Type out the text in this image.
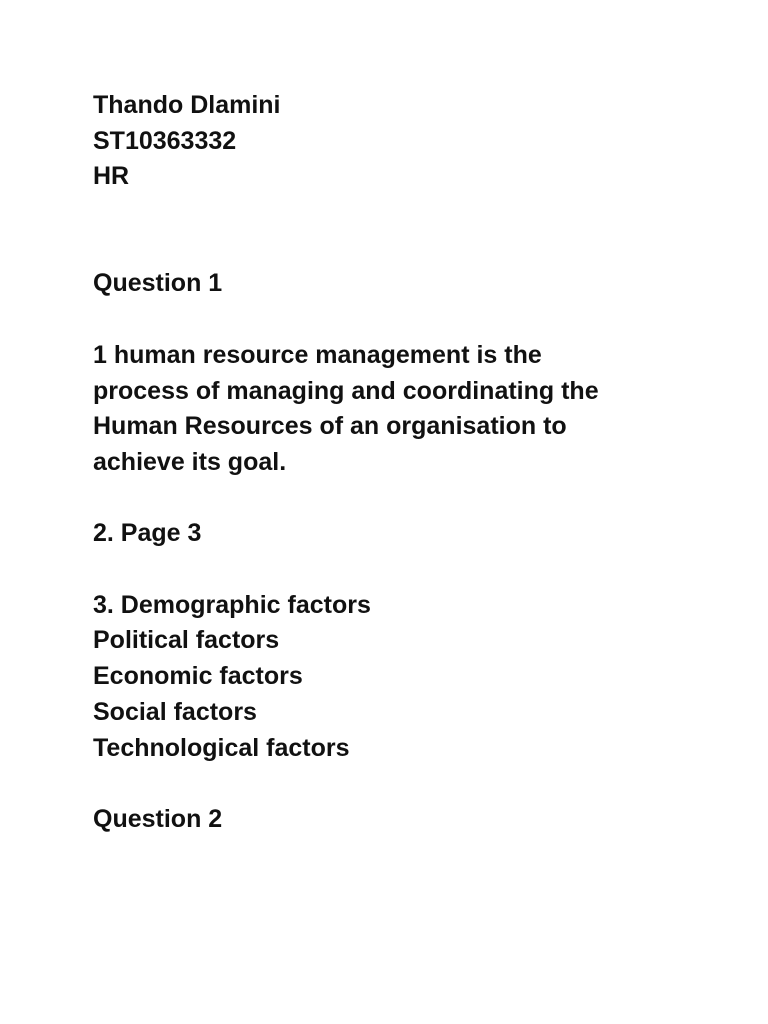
Thando Dlamini
ST10363332
HR
Question 1
1 human resource management is the
process of managing and coordinating the
Human Resources of an organisation to
achieve its goal.
2. Page 3
3. Demographic factors
Political factors
Economic factors
Social factors
Technological factors
Question 2
